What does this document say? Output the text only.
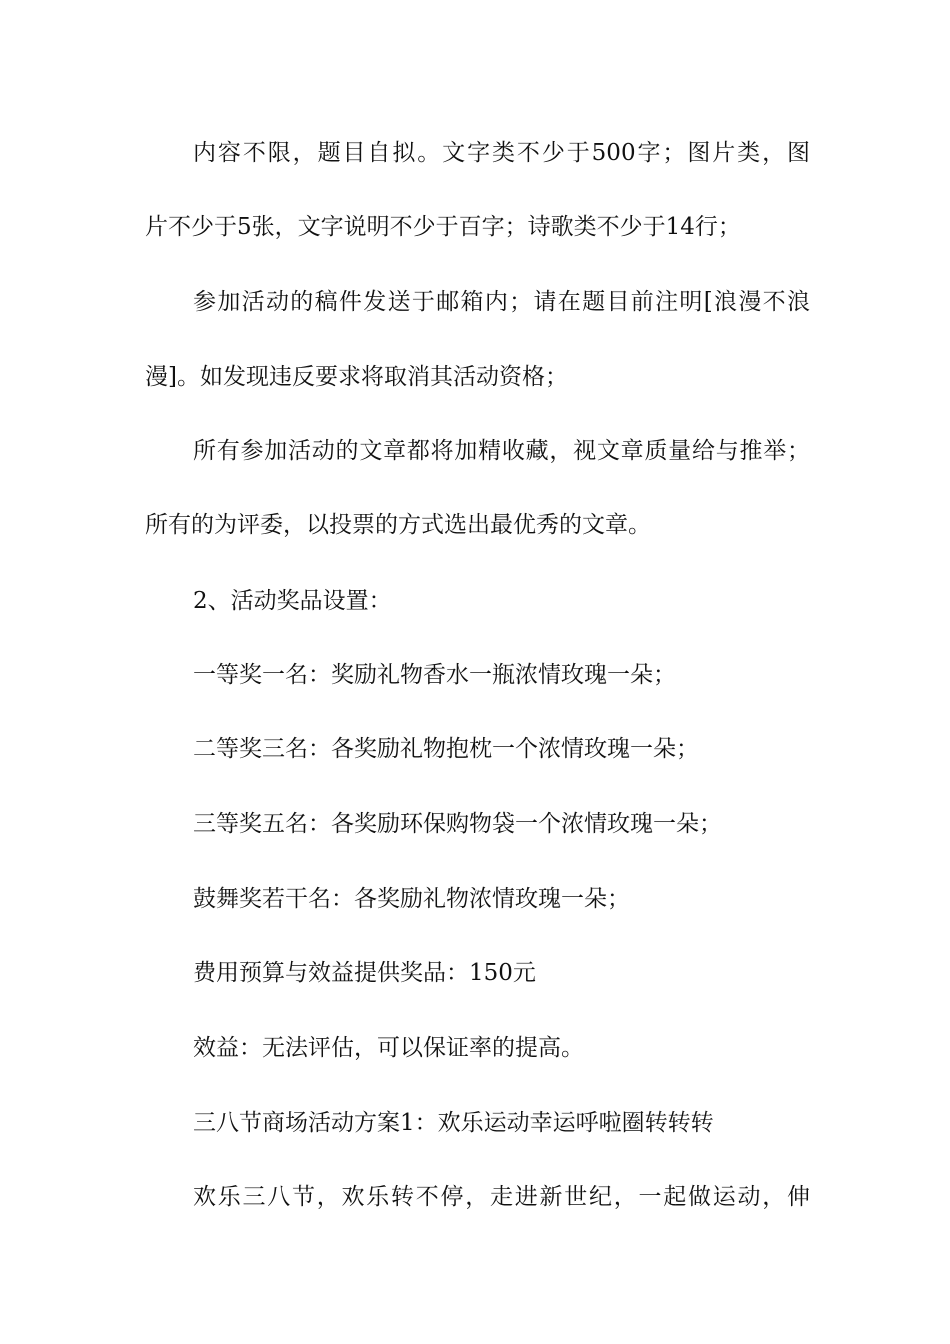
内容不限，题目自拟。文字类不少于500字；图片类，图
片不少于5张，文字说明不少于百字；诗歌类不少于14行；
参加活动的稿件发送于邮箱内；请在题目前注明[浪漫不浪
漫]。如发现违反要求将取消其活动资格；
所有参加活动的文章都将加精收藏，视文章质量给与推举；
所有的为评委，以投票的方式选出最优秀的文章。
2、活动奖品设置：
一等奖一名：奖励礼物香水一瓶浓情玫瑰一朵；
二等奖三名：各奖励礼物抱枕一个浓情玫瑰一朵；
三等奖五名：各奖励环保购物袋一个浓情玫瑰一朵；
鼓舞奖若干名：各奖励礼物浓情玫瑰一朵；
费用预算与效益提供奖品：150元
效益：无法评估，可以保证率的提高。
三八节商场活动方案1：欢乐运动幸运呼啦圈转转转
欢乐三八节，欢乐转不停，走进新世纪，一起做运动，伸
